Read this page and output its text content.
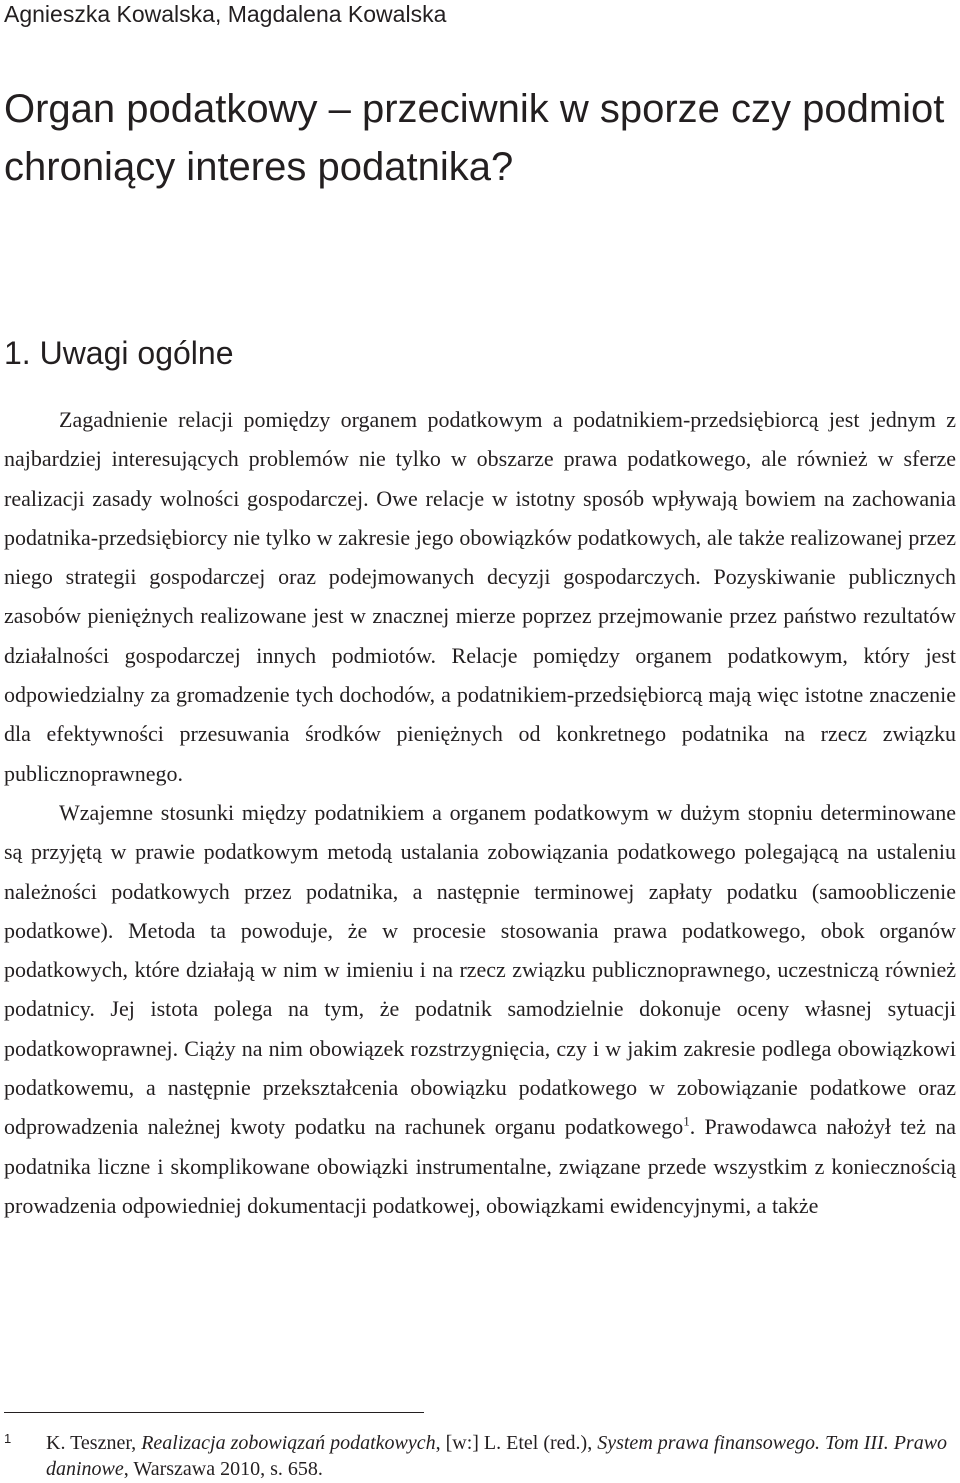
Agnieszka Kowalska, Magdalena Kowalska
Organ podatkowy – przeciwnik w sporze czy podmiot chroniący interes podatnika?
1. Uwagi ogólne

Zagadnienie relacji pomiędzy organem podatkowym a podatnikiem-przedsiębiorcą jest jednym z najbardziej interesujących problemów nie tylko w obszarze prawa podatkowego, ale również w sferze realizacji zasady wolności gospodarczej. Owe relacje w istotny sposób wpływają bowiem na zachowania podatnika-przedsiębiorcy nie tylko w zakresie jego obowiązków podatkowych, ale także realizowanej przez niego strategii gospodarczej oraz podejmowanych decyzji gospodarczych. Pozyskiwanie publicznych zasobów pieniężnych realizowane jest w znacznej mierze poprzez przejmowanie przez państwo rezultatów działalności gospodarczej innych podmiotów. Relacje pomiędzy organem podatkowym, który jest odpowiedzialny za gromadzenie tych dochodów, a podatnikiem-przedsiębiorcą mają więc istotne znaczenie dla efektywności przesuwania środków pieniężnych od konkretnego podatnika na rzecz związku publicznoprawnego.

Wzajemne stosunki między podatnikiem a organem podatkowym w dużym stopniu determinowane są przyjętą w prawie podatkowym metodą ustalania zobowiązania podatkowego polegającą na ustaleniu należności podatkowych przez podatnika, a następnie terminowej zapłaty podatku (samoobliczenie podatkowe). Metoda ta powoduje, że w procesie stosowania prawa podatkowego, obok organów podatkowych, które działają w nim w imieniu i na rzecz związku publicznoprawnego, uczestniczą również podatnicy. Jej istota polega na tym, że podatnik samodzielnie dokonuje oceny własnej sytuacji podatkowoprawnej. Ciąży na nim obowiązek rozstrzygnięcia, czy i w jakim zakresie podlega obowiązkowi podatkowemu, a następnie przekształcenia obowiązku podatkowego w zobowiązanie podatkowe oraz odprowadzenia należnej kwoty podatku na rachunek organu podatkowego$^1$. Prawodawca nałożył też na podatnika liczne i skomplikowane obowiązki instrumentalne, związane przede wszystkim z koniecznością prowadzenia odpowiedniej dokumentacji podatkowej, obowiązkami ewidencyjnymi, a także

1 K. Teszner, Realizacja zobowiązań podatkowych, [w:] L. Etel (red.), System prawa finansowego. Tom III. Prawo daninowe, Warszawa 2010, s. 658.
